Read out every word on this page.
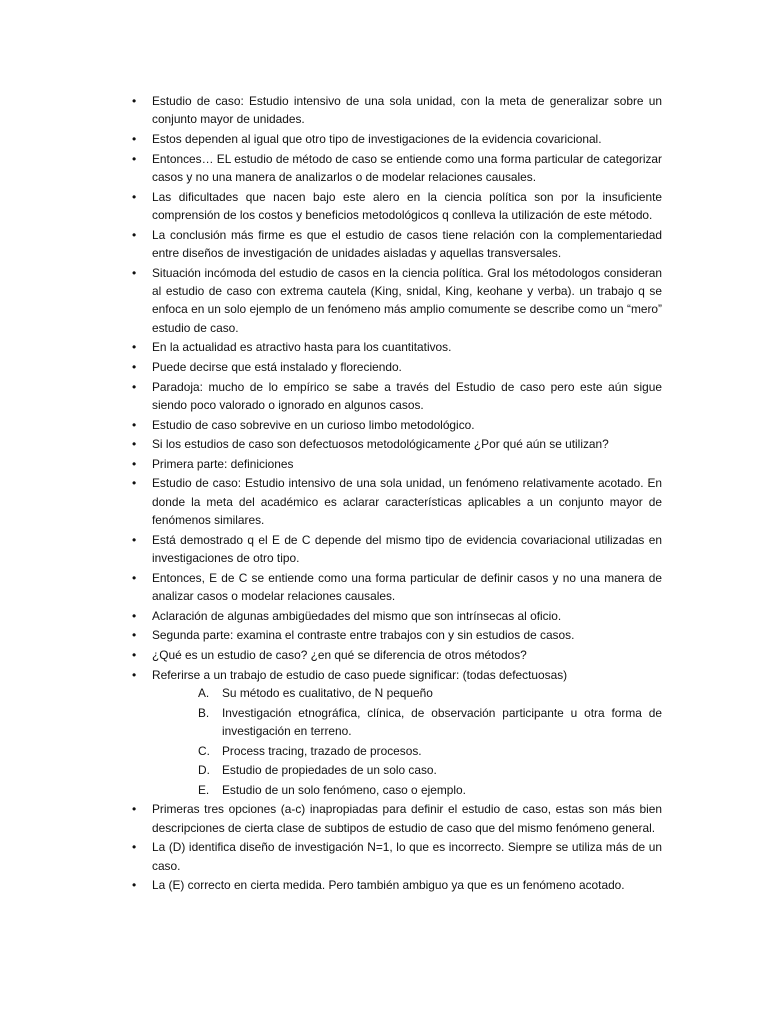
• Estudio de caso: Estudio intensivo de una sola unidad, con la meta de generalizar sobre un conjunto mayor de unidades.
• Estos dependen al igual que otro tipo de investigaciones de la evidencia covaricional.
• Entonces… EL estudio de método de caso se entiende como una forma particular de categorizar casos y no una manera de analizarlos o de modelar relaciones causales.
• Las dificultades que nacen bajo este alero en la ciencia política son por la insuficiente comprensión de los costos y beneficios metodológicos q conlleva la utilización de este método.
• La conclusión más firme es que el estudio de casos tiene relación con la complementariedad entre diseños de investigación de unidades aisladas y aquellas transversales.
• Situación incómoda del estudio de casos en la ciencia política. Gral los métodologos consideran al estudio de caso con extrema cautela (King, snidal, King, keohane y verba). un trabajo q se enfoca en un solo ejemplo de un fenómeno más amplio comumente se describe como un “mero” estudio de caso.
• En la actualidad es atractivo hasta para los cuantitativos.
• Puede decirse que está instalado y floreciendo.
• Paradoja: mucho de lo empírico se sabe a través del Estudio de caso pero este aún sigue siendo poco valorado o ignorado en algunos casos.
• Estudio de caso sobrevive en un curioso limbo metodológico.
• Si los estudios de caso son defectuosos metodológicamente ¿Por qué aún se utilizan?
• Primera parte: definiciones
• Estudio de caso: Estudio intensivo de una sola unidad, un fenómeno relativamente acotado. En donde la meta del académico es aclarar características aplicables a un conjunto mayor de fenómenos similares.
• Está demostrado q el E de C depende del mismo tipo de evidencia covariacional utilizadas en investigaciones de otro tipo.
• Entonces, E de C se entiende como una forma particular de definir casos y no una manera de analizar casos o modelar relaciones causales.
• Aclaración de algunas ambigüedades del mismo que son intrínsecas al oficio.
• Segunda parte: examina el contraste entre trabajos con y sin estudios de casos.
• ¿Qué es un estudio de caso? ¿en qué se diferencia de otros métodos?
• Referirse a un trabajo de estudio de caso puede significar: (todas defectuosas)
A. Su método es cualitativo, de N pequeño
B. Investigación etnográfica, clínica, de observación participante u otra forma de investigación en terreno.
C. Process tracing, trazado de procesos.
D. Estudio de propiedades de un solo caso.
E. Estudio de un solo fenómeno, caso o ejemplo.
• Primeras tres opciones (a-c) inapropiadas para definir el estudio de caso, estas son más bien descripciones de cierta clase de subtipos de estudio de caso que del mismo fenómeno general.
• La (D) identifica diseño de investigación N=1, lo que es incorrecto. Siempre se utiliza más de un caso.
• La (E) correcto en cierta medida. Pero también ambiguo ya que es un fenómeno acotado.
